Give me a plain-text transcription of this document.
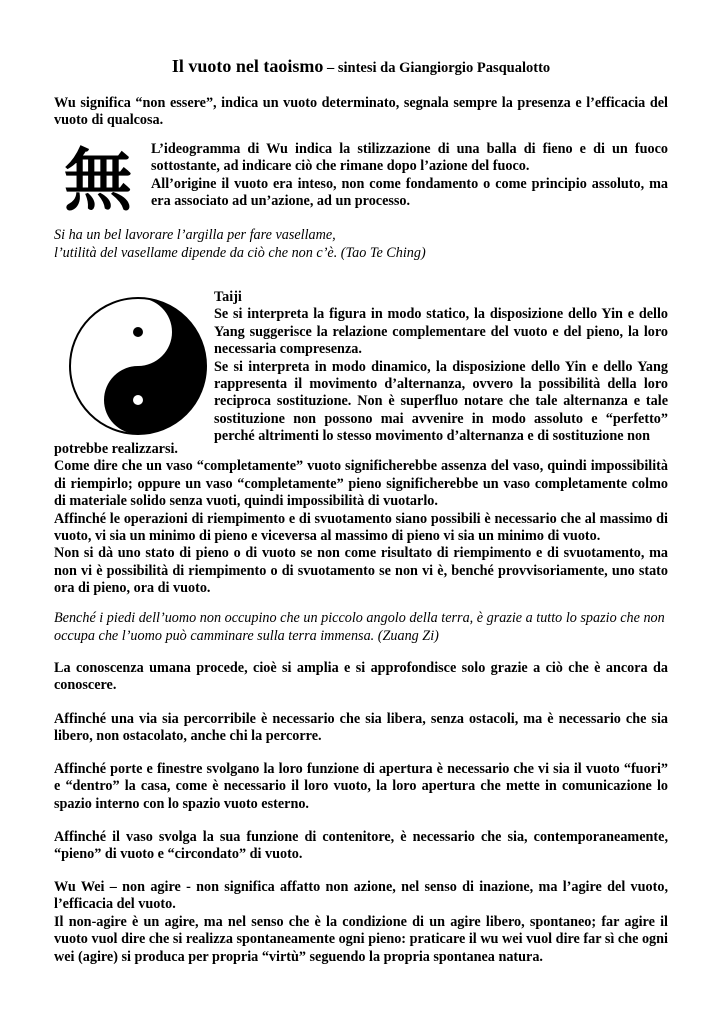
Il vuoto nel taoismo – sintesi da Giangiorgio Pasqualotto

Wu significa “non essere”, indica un vuoto determinato, segnala sempre la presenza e l’efficacia del vuoto di qualcosa.

無 L’ideogramma di Wu indica la stilizzazione di una balla di fieno e di un fuoco sottostante, ad indicare ciò che rimane dopo l’azione del fuoco.

All’origine il vuoto era inteso, non come fondamento o come principio assoluto, ma era associato ad un’azione, ad un processo.

Si ha un bel lavorare l’argilla per fare vasellame,

l’utilità del vasellame dipende da ciò che non c’è. (Tao Te Ching)

Taiji

Se si interpreta la figura in modo statico, la disposizione dello Yin e dello Yang suggerisce la relazione complementare del vuoto e del pieno, la loro necessaria compresenza.

Se si interpreta in modo dinamico, la disposizione dello Yin e dello Yang rappresenta il movimento d’alternanza, ovvero la possibilità della loro reciproca sostituzione. Non è superfluo notare che tale alternanza e tale sostituzione non possono mai avvenire in modo assoluto e “perfetto” perché altrimenti lo stesso movimento d’alternanza e di sostituzione non

potrebbe realizzarsi.

Come dire che un vaso “completamente” vuoto significherebbe assenza del vaso, quindi impossibilità di riempirlo; oppure un vaso “completamente” pieno significherebbe un vaso completamente colmo di materiale solido senza vuoti, quindi impossibilità di vuotarlo.

Affinché le operazioni di riempimento e di svuotamento siano possibili è necessario che al massimo di vuoto, vi sia un minimo di pieno e viceversa al massimo di pieno vi sia un minimo di vuoto.

Non si dà uno stato di pieno o di vuoto se non come risultato di riempimento e di svuotamento, ma non vi è possibilità di riempimento o di svuotamento se non vi è, benché provvisoriamente, uno stato ora di pieno, ora di vuoto.

Benché i piedi dell’uomo non occupino che un piccolo angolo della terra, è grazie a tutto lo spazio che non occupa che l’uomo può camminare sulla terra immensa. (Zuang Zi)

La conoscenza umana procede, cioè si amplia e si approfondisce solo grazie a ciò che è ancora da conoscere.

Affinché una via sia percorribile è necessario che sia libera, senza ostacoli, ma è necessario che sia libero, non ostacolato, anche chi la percorre.

Affinché porte e finestre svolgano la loro funzione di apertura è necessario che vi sia il vuoto “fuori” e “dentro” la casa, come è necessario il loro vuoto, la loro apertura che mette in comunicazione lo spazio interno con lo spazio vuoto esterno.

Affinché il vaso svolga la sua funzione di contenitore, è necessario che sia, contemporaneamente, “pieno” di vuoto e “circondato” di vuoto.

Wu Wei – non agire - non significa affatto non azione, nel senso di inazione, ma l’agire del vuoto, l’efficacia del vuoto.

Il non-agire è un agire, ma nel senso che è la condizione di un agire libero, spontaneo; far agire il vuoto vuol dire che si realizza spontaneamente ogni pieno: praticare il wu wei vuol dire far sì che ogni wei (agire) si produca per propria “virtù” seguendo la propria spontanea natura.
